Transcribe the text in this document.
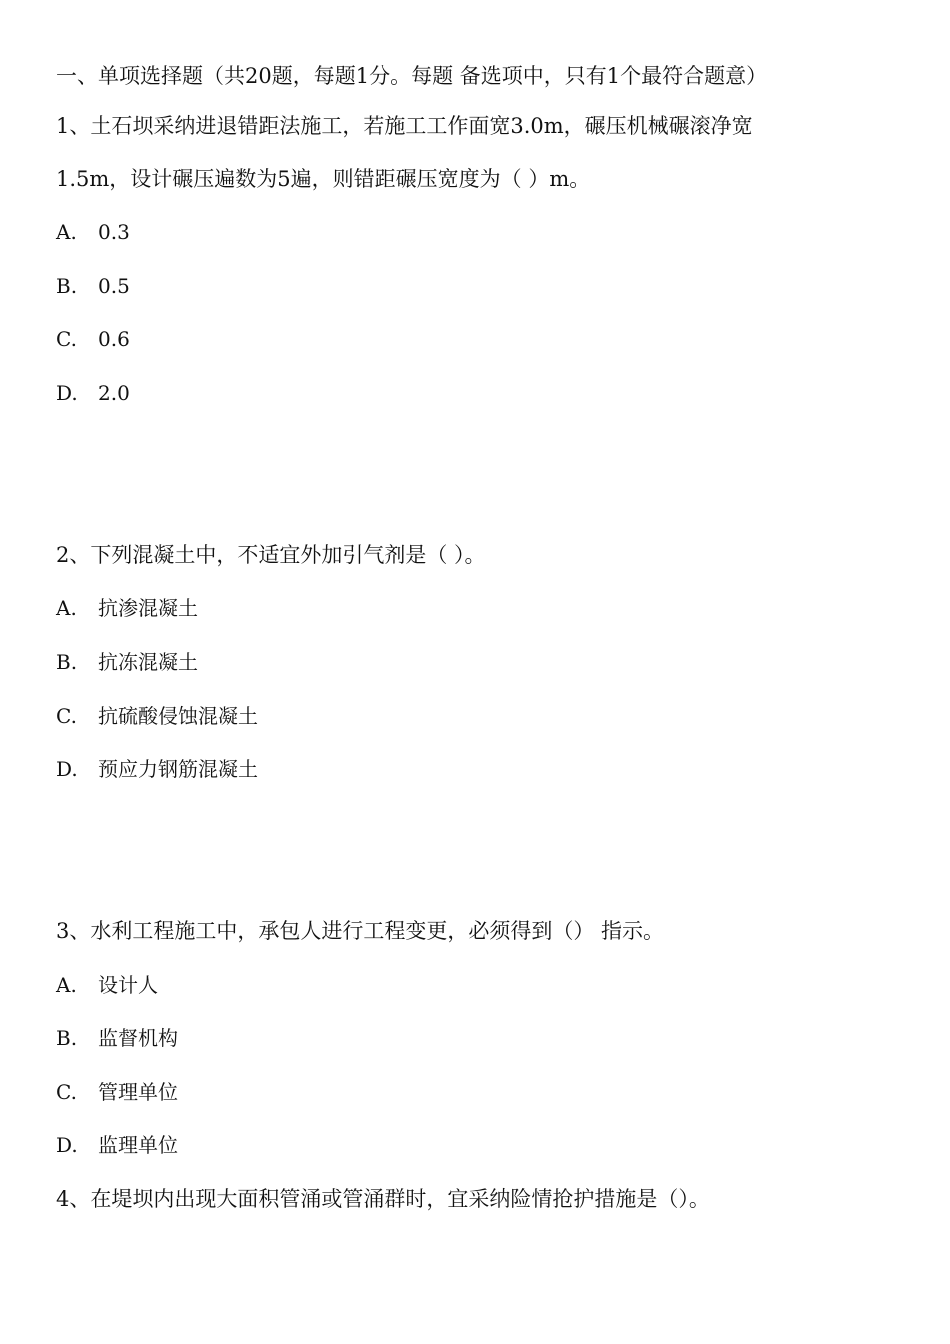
一、单项选择题（共20题，每题1分。每题 备选项中，只有1个最符合题意）
1、土石坝采纳进退错距法施工，若施工工作面宽3.0m，碾压机械碾滚净宽
1.5m，设计碾压遍数为5遍，则错距碾压宽度为（ ）m。
A. 0.3
B. 0.5
C. 0.6
D. 2.0
2、下列混凝土中，不适宜外加引气剂是（ ）。
A. 抗渗混凝土
B. 抗冻混凝土
C. 抗硫酸侵蚀混凝土
D. 预应力钢筋混凝土
3、水利工程施工中，承包人进行工程变更，必须得到（） 指示。
A. 设计人
B. 监督机构
C. 管理单位
D. 监理单位
4、在堤坝内出现大面积管涌或管涌群时，宜采纳险情抢护措施是（）。
